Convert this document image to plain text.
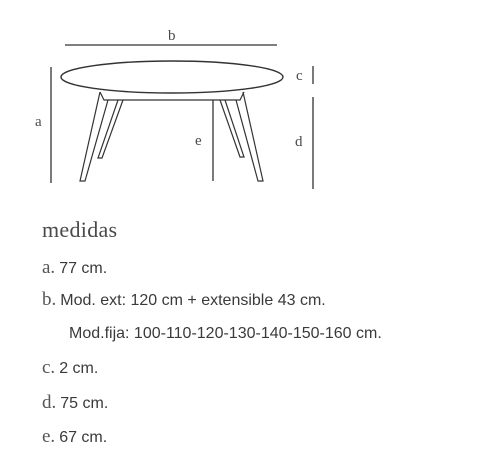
b
a
e
c
d
medidas
a. 77 cm.
b. Mod. ext: 120 cm + extensible 43 cm.
Mod.fija: 100-110-120-130-140-150-160 cm.
c. 2 cm.
d. 75 cm.
e. 67 cm.
